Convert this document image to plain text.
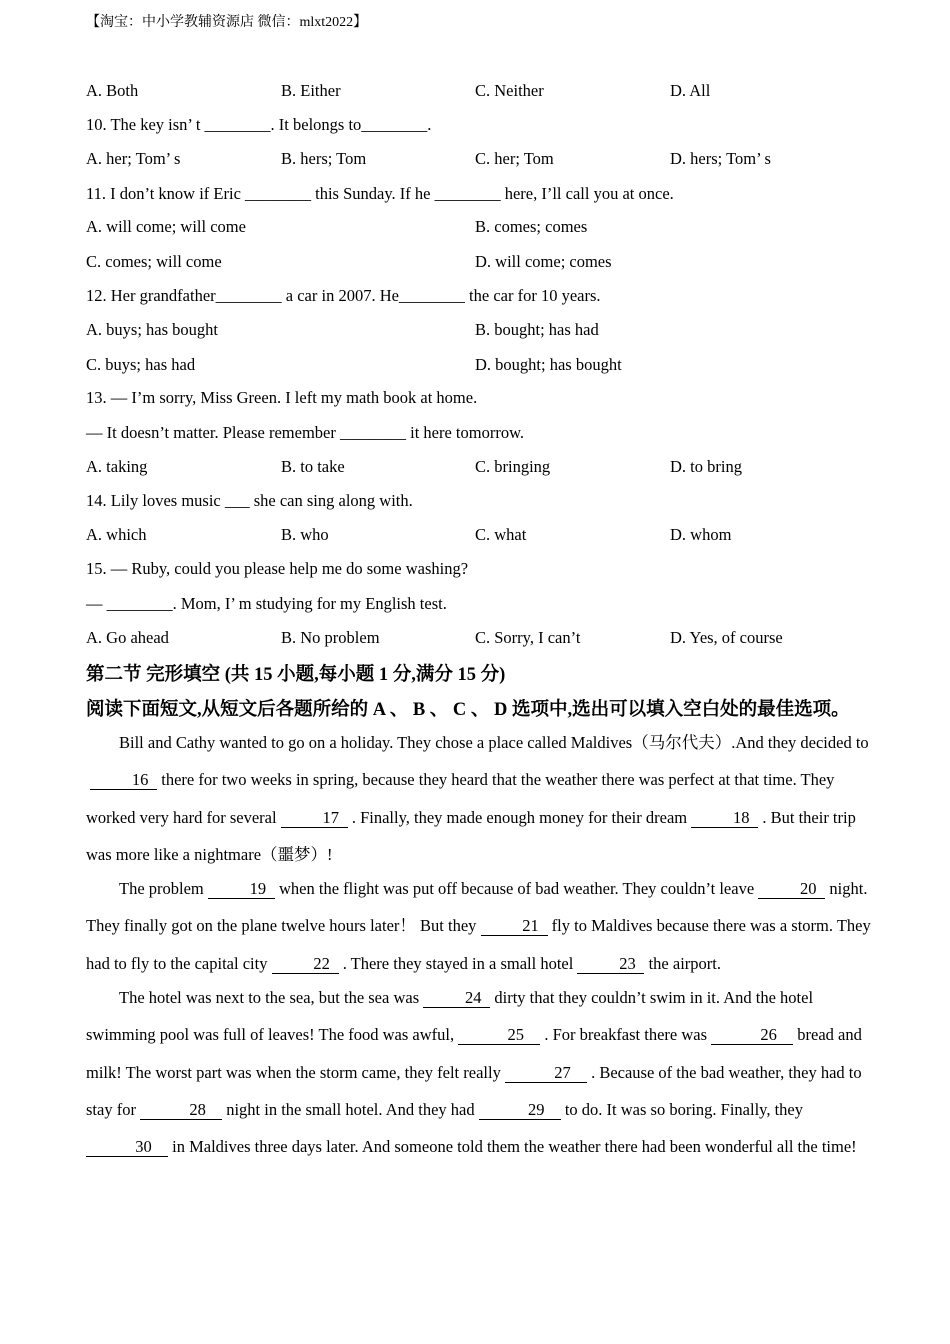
【淘宝：中小学教辅资源店 微信：mlxt2022】
A. Both	B. Either	C. Neither	D. All
10. The key isn’ t ________. It belongs to________.
A. her; Tom’ s	B. hers; Tom	C. her; Tom	D. hers; Tom’ s
11. I don’t know if Eric ________ this Sunday. If he ________ here, I’ll call you at once.
A. will come; will come	B. comes; comes
C. comes; will come	D. will come; comes
12. Her grandfather________ a car in 2007. He________ the car for 10 years.
A. buys; has bought	B. bought; has had
C. buys; has had	D. bought; has bought
13. — I’m sorry, Miss Green. I left my math book at home.
— It doesn’t matter. Please remember ________ it here tomorrow.
A. taking	B. to take	C. bringing	D. to bring
14. Lily loves music ___ she can sing along with.
A. which	B. who	C. what	D. whom
15. — Ruby, could you please help me do some washing?
— ________. Mom, I’ m studying for my English test.
A. Go ahead	B. No problem	C. Sorry, I can’t	D. Yes, of course
第二节 完形填空 (共 15 小题,每小题 1 分,满分 15 分)
阅读下面短文,从短文后各题所给的 A 、 B 、 C 、 D 选项中,选出可以填入空白处的最佳选项。
Bill and Cathy wanted to go on a holiday. They chose a place called Maldives（马尔代夫）.And they decided to  16 there for two weeks in spring, because they heard that the weather there was perfect at that time. They worked very hard for several	17 . Finally, they made enough money for their dream	18 . But their trip was more like a nightmare（噩梦）!
The problem	19 when the flight was put off because of bad weather. They couldn’t leave	20 night. They finally got on the plane twelve hours later！ But they	21 fly to Maldives because there was a storm. They had to fly to the capital city	22 . There they stayed in a small hotel	23 the airport.
The hotel was next to the sea, but the sea was	24 dirty that they couldn’t swim in it. And the hotel swimming pool was full of leaves! The food was awful,	25 . For breakfast there was	26 bread and milk! The worst part was when the storm came, they felt really	27 . Because of the bad weather, they had to stay for	28 night in the small hotel. And they had	29 to do. It was so boring. Finally, they 30 in Maldives three days later. And someone told them the weather there had been wonderful all the time!
